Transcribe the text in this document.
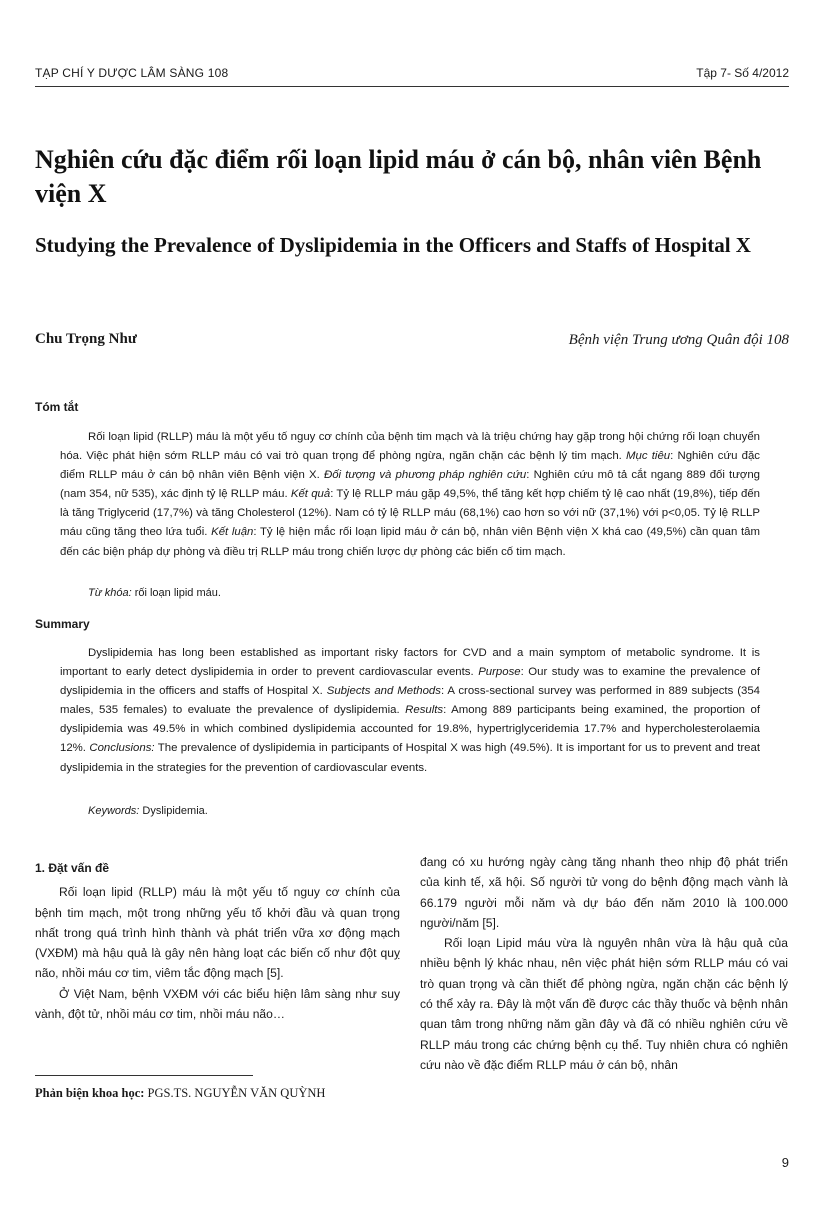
TẠP CHÍ Y DƯỢC LÂM SÀNG 108	Tập 7- Số 4/2012
Nghiên cứu đặc điểm rối loạn lipid máu ở cán bộ, nhân viên Bệnh viện X
Studying the Prevalence of Dyslipidemia in the Officers and Staffs of Hospital X
Chu Trọng Như	Bệnh viện Trung ương Quân đội 108
Tóm tắt

Rối loạn lipid (RLLP) máu là một yếu tố nguy cơ chính của bệnh tim mạch và là triệu chứng hay gặp trong hội chứng rối loạn chuyển hóa. Việc phát hiện sớm RLLP máu có vai trò quan trọng để phòng ngừa, ngăn chặn các bệnh lý tim mạch. Mục tiêu: Nghiên cứu đặc điểm RLLP máu ở cán bộ nhân viên Bệnh viện X. Đối tượng và phương pháp nghiên cứu: Nghiên cứu mô tả cắt ngang 889 đối tượng (nam 354, nữ 535), xác định tỷ lệ RLLP máu. Kết quả: Tỷ lệ RLLP máu gặp 49,5%, thể tăng kết hợp chiếm tỷ lệ cao nhất (19,8%), tiếp đến là tăng Triglycerid (17,7%) và tăng Cholesterol (12%). Nam có tỷ lệ RLLP máu (68,1%) cao hơn so với nữ (37,1%) với p<0,05. Tỷ lệ RLLP máu cũng tăng theo lứa tuổi. Kết luận: Tỷ lệ hiện mắc rối loạn lipid máu ở cán bộ, nhân viên Bệnh viện X khá cao (49,5%) cần quan tâm đến các biện pháp dự phòng và điều trị RLLP máu trong chiến lược dự phòng các biến cố tim mạch.

Từ khóa: rối loạn lipid máu.
Summary

Dyslipidemia has long been established as important risky factors for CVD and a main symptom of metabolic syndrome. It is important to early detect dyslipidemia in order to prevent cardiovascular events. Purpose: Our study was to examine the prevalence of dyslipidemia in the officers and staffs of Hospital X. Subjects and Methods: A cross-sectional survey was performed in 889 subjects (354 males, 535 females) to evaluate the prevalence of dyslipidemia. Results: Among 889 participants being examined, the proportion of dyslipidemia was 49.5% in which combined dyslipidemia accounted for 19.8%, hypertriglyceridemia 17.7% and hypercholesterolaemia 12%. Conclusions: The prevalence of dyslipidemia in participants of Hospital X was high (49.5%). It is important for us to prevent and treat dyslipidemia in the strategies for the prevention of cardiovascular events.

Keywords: Dyslipidemia.
1. Đặt vấn đề

Rối loạn lipid (RLLP) máu là một yếu tố nguy cơ chính của bệnh tim mạch, một trong những yếu tố khởi đầu và quan trọng nhất trong quá trình hình thành và phát triển vữa xơ động mạch (VXĐM) mà hậu quả là gây nên hàng loạt các biến cố như đột quỵ não, nhồi máu cơ tim, viêm tắc động mạch [5].

Ở Việt Nam, bệnh VXĐM với các biểu hiện lâm sàng như suy vành, đột tử, nhồi máu cơ tim, nhồi máu não…

đang có xu hướng ngày càng tăng nhanh theo nhịp độ phát triển của kinh tế, xã hội. Số người tử vong do bệnh động mạch vành là 66.179 người mỗi năm và dự báo đến năm 2010 là 100.000 người/năm [5].

Rối loạn Lipid máu vừa là nguyên nhân vừa là hậu quả của nhiều bệnh lý khác nhau, nên việc phát hiện sớm RLLP máu có vai trò quan trọng và cần thiết để phòng ngừa, ngăn chặn các bệnh lý có thể xảy ra. Đây là một vấn đề được các thầy thuốc và bệnh nhân quan tâm trong những năm gần đây và đã có nhiều nghiên cứu về RLLP máu trong các chứng bệnh cụ thể. Tuy nhiên chưa có nghiên cứu nào về đặc điểm RLLP máu ở cán bộ, nhân

Phản biện khoa học: PGS.TS. NGUYỄN VĂN QUỲNH
9
